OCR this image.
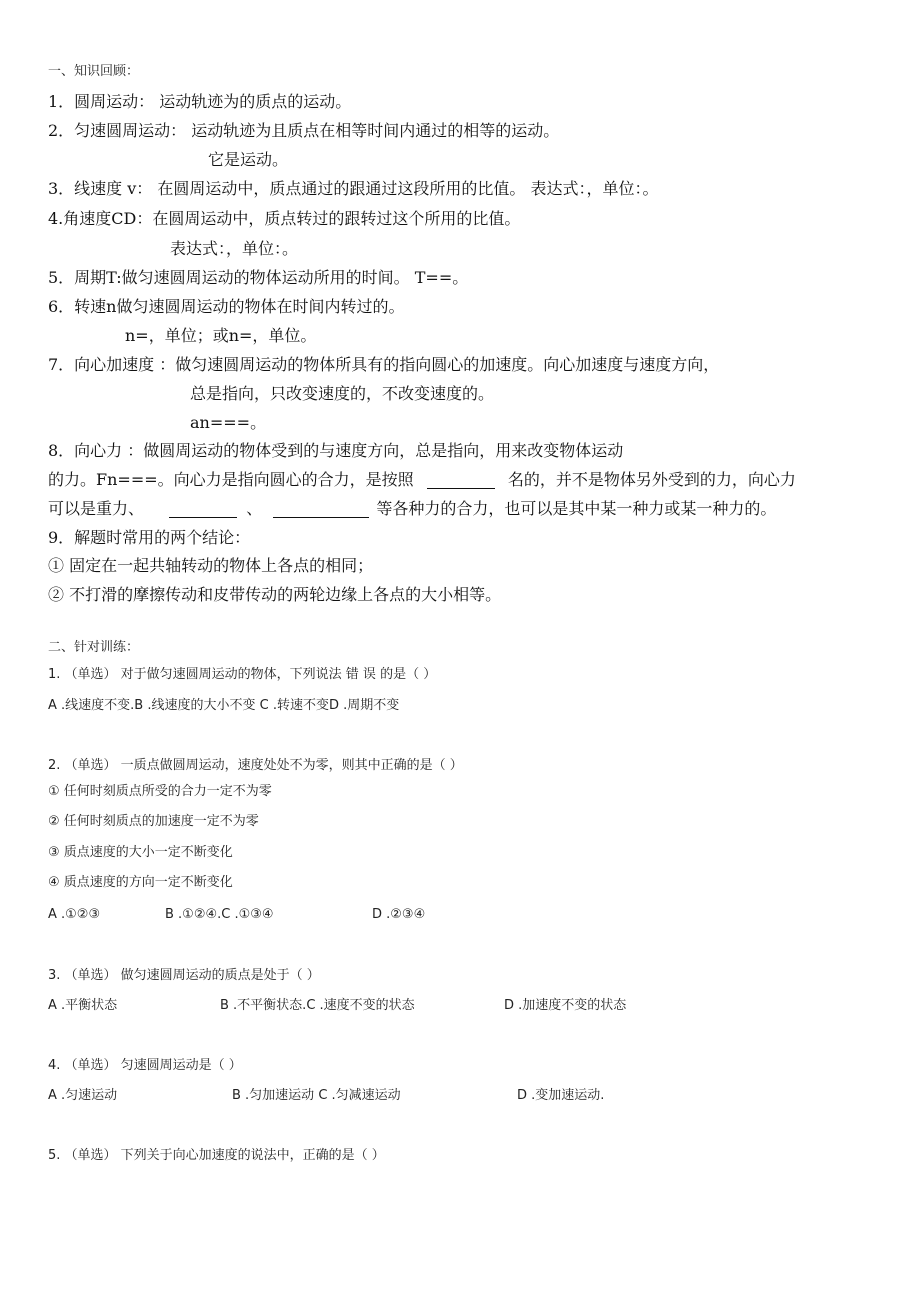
一、知识回顾：
1．圆周运动： 运动轨迹为的质点的运动。
2．匀速圆周运动： 运动轨迹为且质点在相等时间内通过的相等的运动。
它是运动。
3．线速度 v： 在圆周运动中，质点通过的跟通过这段所用的比值。 表达式：，单位：。
4.角速度CD：在圆周运动中，质点转过的跟转过这个所用的比值。
表达式：，单位：。
5．周期T:做匀速圆周运动的物体运动所用的时间。 T==。
6．转速n做匀速圆周运动的物体在时间内转过的。
n=，单位；或n=，单位。
7．向心加速度 ：做匀速圆周运动的物体所具有的指向圆心的加速度。向心加速度与速度方向，
总是指向，只改变速度的，不改变速度的。
an===。
8．向心力 ：做圆周运动的物体受到的与速度方向，总是指向，用来改变物体运动
的力。Fn===。向心力是指向圆心的合力，是按照	名的，并不是物体另外受到的力，向心力
可以是重力、	、	等各种力的合力，也可以是其中某一种力或某一种力的。
9．解题时常用的两个结论：
① 固定在一起共轴转动的物体上各点的相同；
② 不打滑的摩擦传动和皮带传动的两轮边缘上各点的大小相等。
二、针对训练：
1. （单选） 对于做匀速圆周运动的物体，下列说法 错 误 的是（ ）
A .线速度不变.B .线速度的大小不变 C .转速不变D .周期不变
2. （单选） 一质点做圆周运动，速度处处不为零，则其中正确的是（ ）
① 任何时刻质点所受的合力一定不为零
② 任何时刻质点的加速度一定不为零
③ 质点速度的大小一定不断变化
④ 质点速度的方向一定不断变化
A .①②③	B .①②④.C .①③④	D .②③④
3. （单选） 做匀速圆周运动的质点是处于（ ）
A .平衡状态	B .不平衡状态.C .速度不变的状态	D .加速度不变的状态
4. （单选） 匀速圆周运动是（ ）
A .匀速运动	B .匀加速运动 C .匀减速运动	D .变加速运动.
5. （单选） 下列关于向心加速度的说法中，正确的是（ ）
